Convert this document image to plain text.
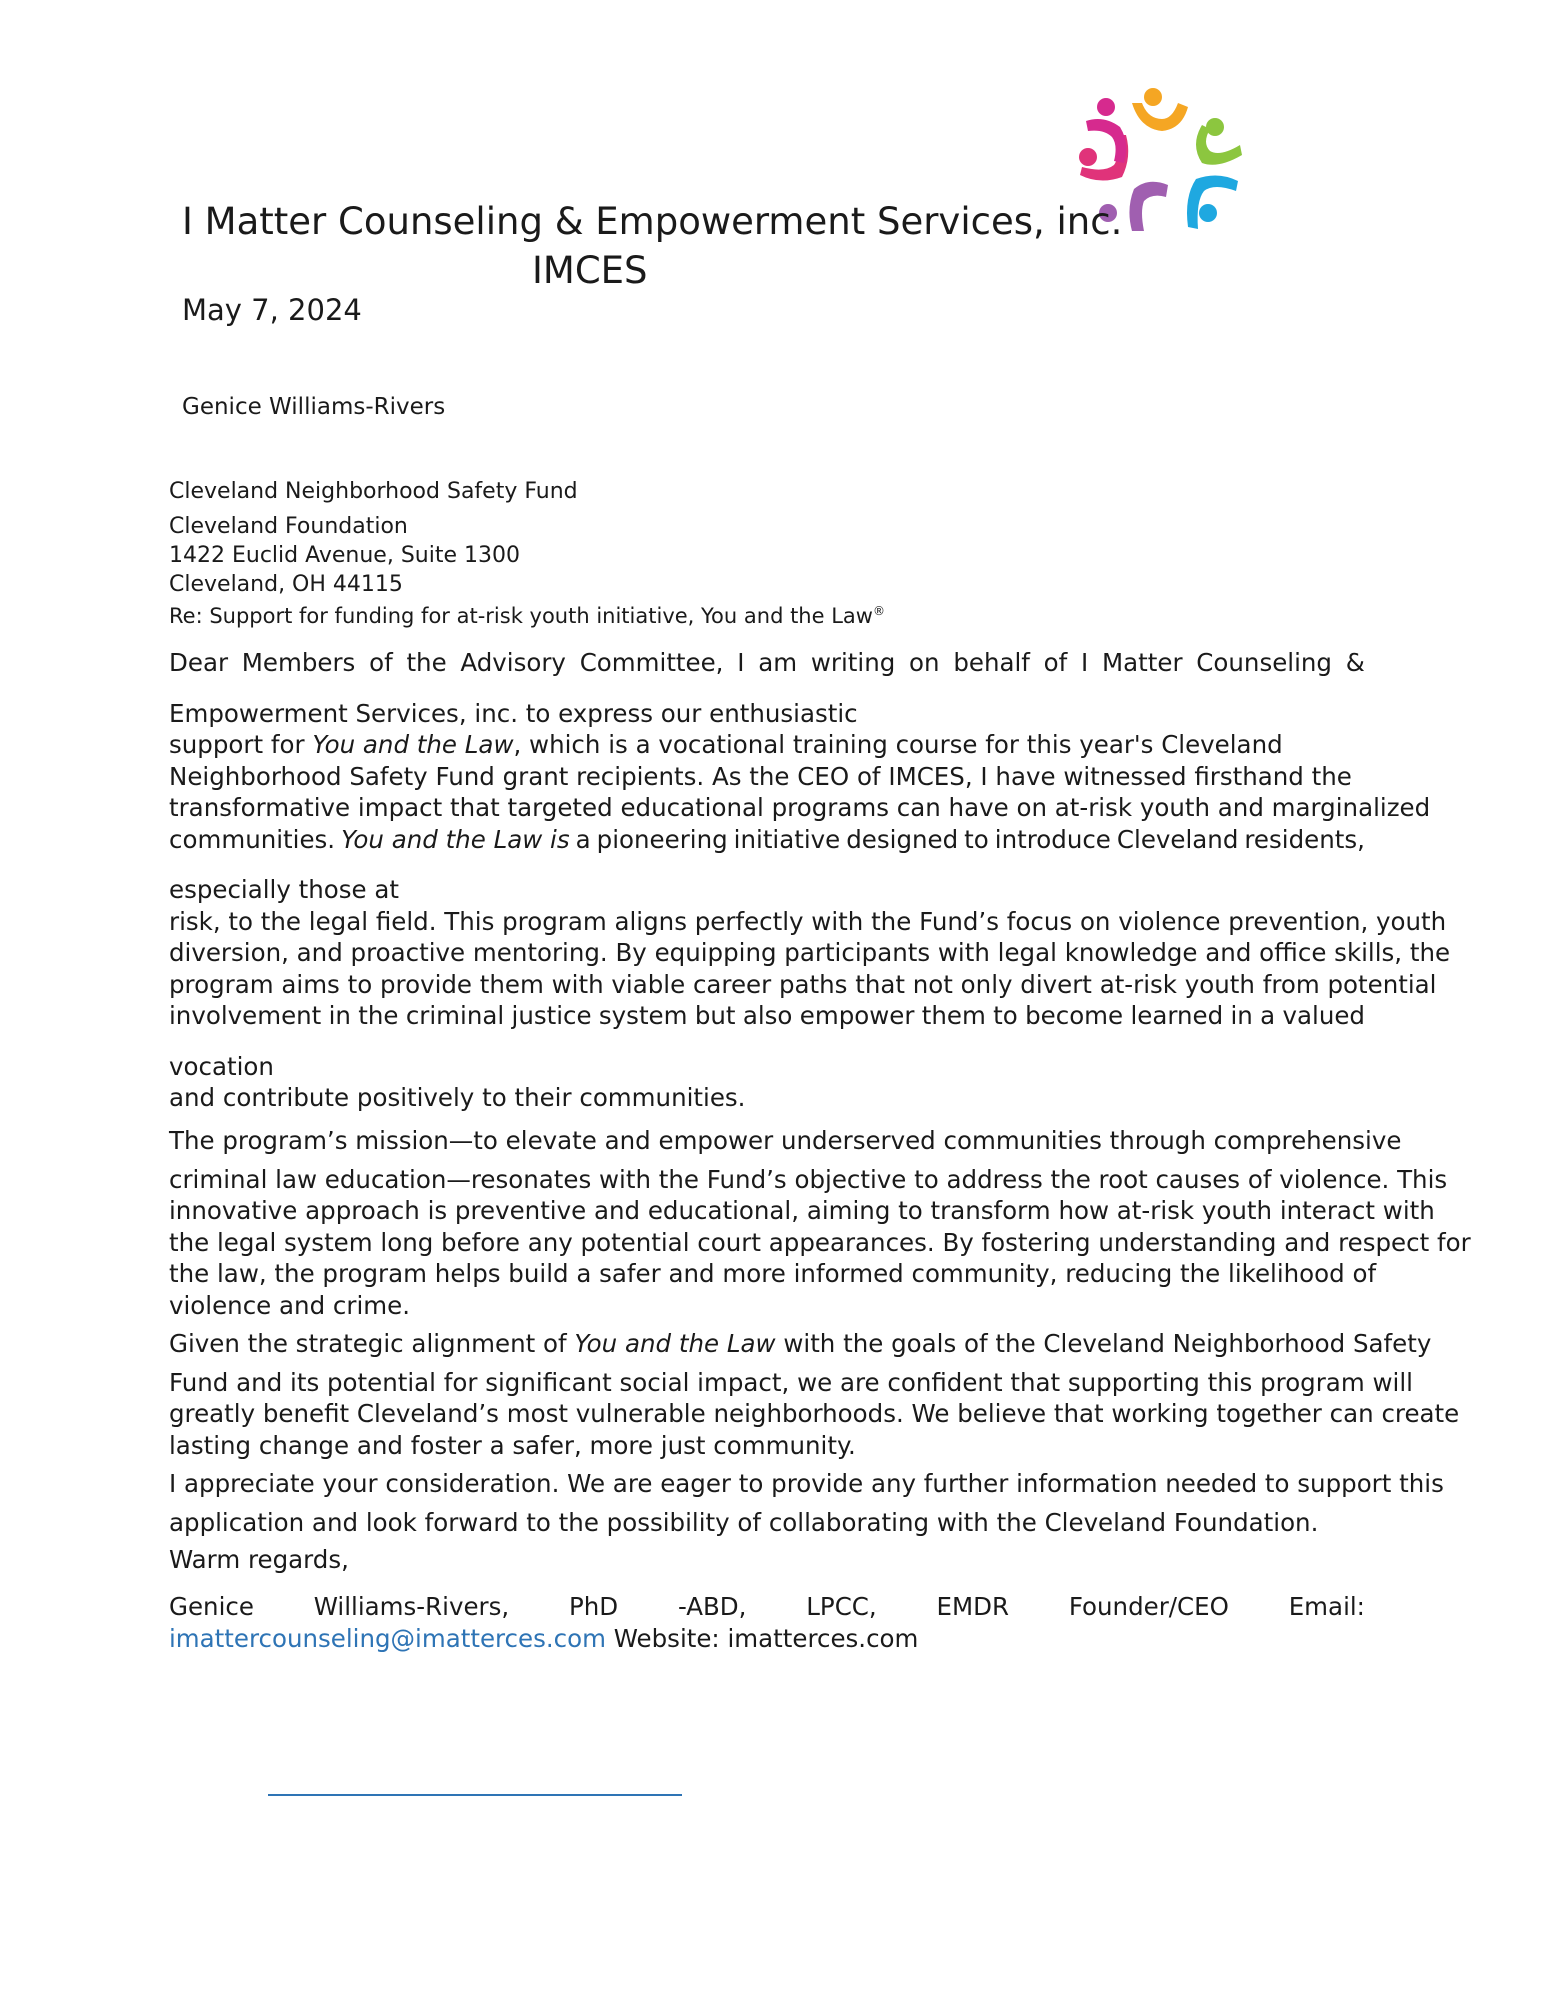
I Matter Counseling & Empowerment Services, inc.
IMCES
May 7, 2024
Genice Williams-Rivers
Cleveland Neighborhood Safety Fund
Cleveland Foundation
1422 Euclid Avenue, Suite 1300
Cleveland, OH 44115
Re: Support for funding for at-risk youth initiative, You and the Law®
Dear Members of the Advisory Committee, I am writing on behalf of I Matter Counseling &
Empowerment Services, inc. to express our enthusiastic
support for You and the Law, which is a vocational training course for this year's Cleveland
Neighborhood Safety Fund grant recipients. As the CEO of IMCES, I have witnessed firsthand the
transformative impact that targeted educational programs can have on at-risk youth and marginalized
communities. You and the Law is a pioneering initiative designed to introduce Cleveland residents,
especially those at
risk, to the legal field. This program aligns perfectly with the Fund’s focus on violence prevention, youth
diversion, and proactive mentoring. By equipping participants with legal knowledge and office skills, the
program aims to provide them with viable career paths that not only divert at-risk youth from potential
involvement in the criminal justice system but also empower them to become learned in a valued
vocation
and contribute positively to their communities.
The program’s mission—to elevate and empower underserved communities through comprehensive
criminal law education—resonates with the Fund’s objective to address the root causes of violence. This
innovative approach is preventive and educational, aiming to transform how at-risk youth interact with
the legal system long before any potential court appearances. By fostering understanding and respect for
the law, the program helps build a safer and more informed community, reducing the likelihood of
violence and crime.
Given the strategic alignment of You and the Law with the goals of the Cleveland Neighborhood Safety
Fund and its potential for significant social impact, we are confident that supporting this program will
greatly benefit Cleveland’s most vulnerable neighborhoods. We believe that working together can create
lasting change and foster a safer, more just community.
I appreciate your consideration. We are eager to provide any further information needed to support this
application and look forward to the possibility of collaborating with the Cleveland Foundation.
Warm regards,
Genice Williams-Rivers, PhD -ABD, LPCC, EMDR Founder/CEO Email:
imattercounseling@imatterces.com Website: imatterces.com
